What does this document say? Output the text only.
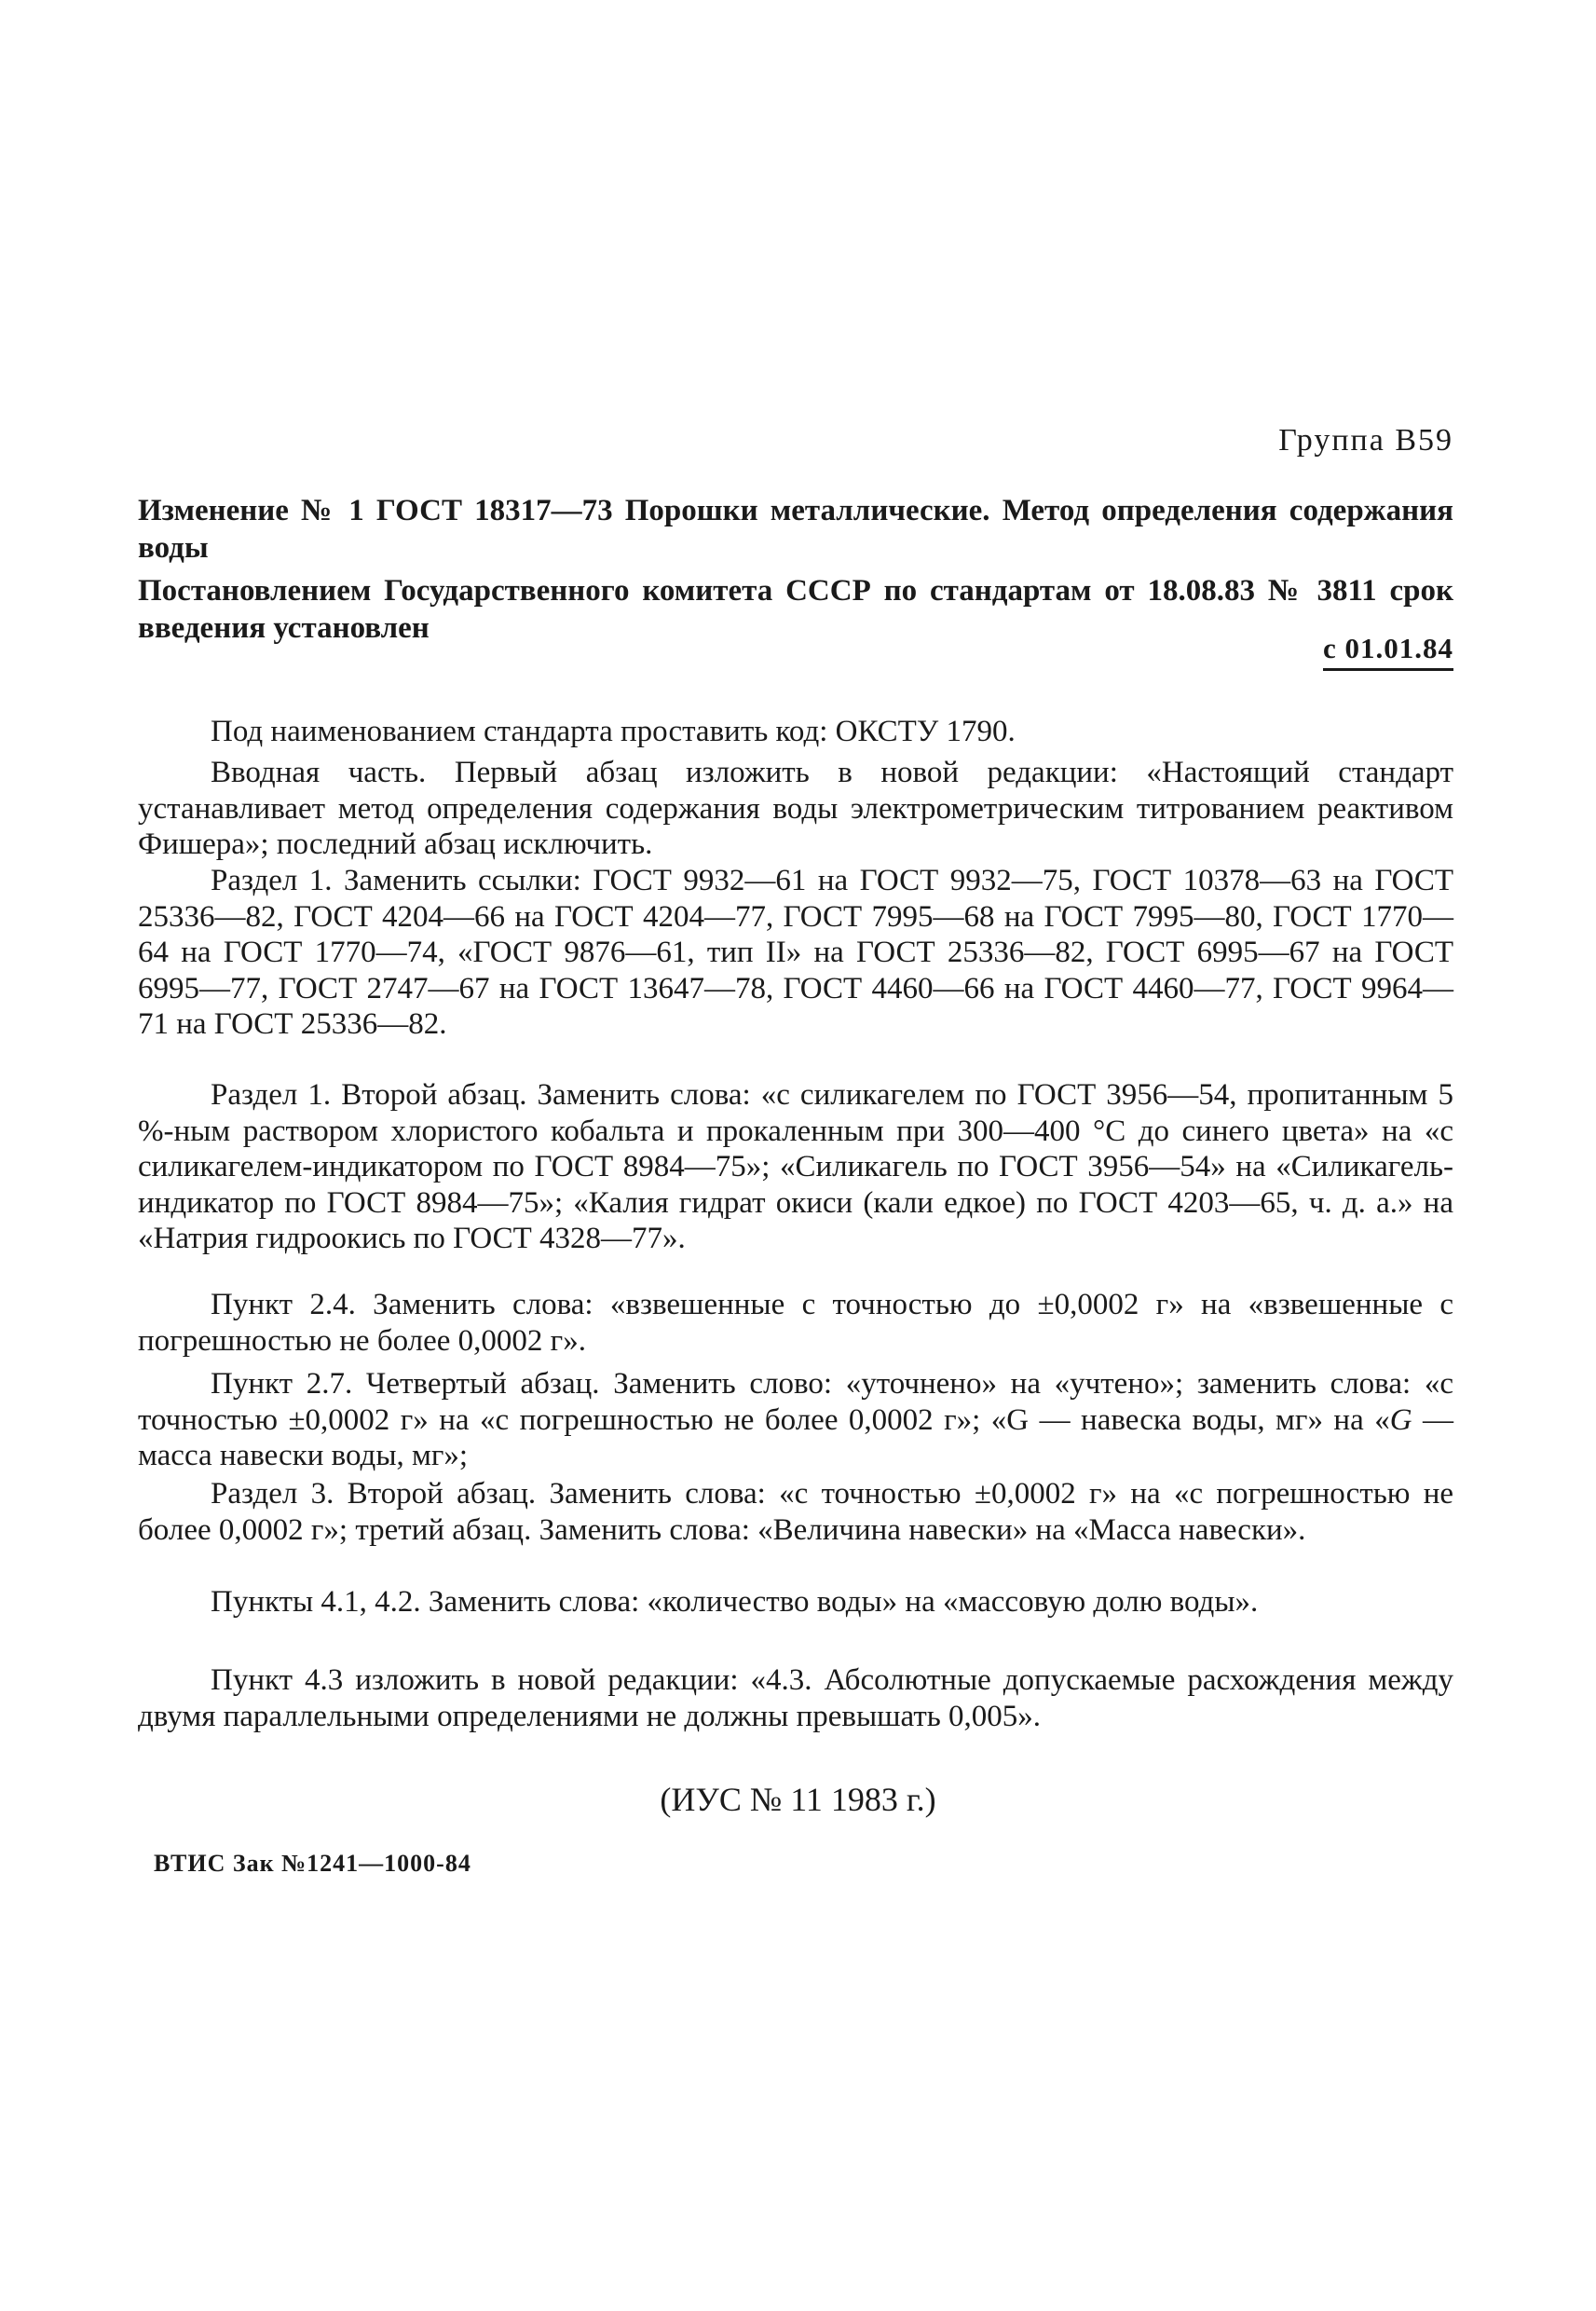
Группа В59

Изменение № 1 ГОСТ 18317—73 Порошки металлические. Метод определения содержания воды

Постановлением Государственного комитета СССР по стандартам от 18.08.83 № 3811 срок введения установлен

с 01.01.84

Под наименованием стандарта проставить код: ОКСТУ 1790.

Вводная часть. Первый абзац изложить в новой редакции: «Настоящий стандарт устанавливает метод определения содержания воды электрометрическим титрованием реактивом Фишера»; последний абзац исключить.

Раздел 1. Заменить ссылки: ГОСТ 9932—61 на ГОСТ 9932—75, ГОСТ 10378—63 на ГОСТ 25336—82, ГОСТ 4204—66 на ГОСТ 4204—77, ГОСТ 7995—68 на ГОСТ 7995—80, ГОСТ 1770—64 на ГОСТ 1770—74, «ГОСТ 9876—61, тип II» на ГОСТ 25336—82, ГОСТ 6995—67 на ГОСТ 6995—77, ГОСТ 2747—67 на ГОСТ 13647—78, ГОСТ 4460—66 на ГОСТ 4460—77, ГОСТ 9964—71 на ГОСТ 25336—82.

Раздел 1. Второй абзац. Заменить слова: «с силикагелем по ГОСТ 3956—54, пропитанным 5 %-ным раствором хлористого кобальта и прокаленным при 300—400 °С до синего цвета» на «с силикагелем-индикатором по ГОСТ 8984—75»; «Силикагель по ГОСТ 3956—54» на «Силикагель-индикатор по ГОСТ 8984—75»; «Калия гидрат окиси (кали едкое) по ГОСТ 4203—65, ч. д. а.» на «Натрия гидроокись по ГОСТ 4328—77».

Пункт 2.4. Заменить слова: «взвешенные с точностью до ±0,0002 г» на «взвешенные с погрешностью не более 0,0002 г».

Пункт 2.7. Четвертый абзац. Заменить слово: «уточнено» на «учтено»; заменить слова: «с точностью ±0,0002 г» на «с погрешностью не более 0,0002 г»; «G — навеска воды, мг» на «G — масса навески воды, мг»;

Раздел 3. Второй абзац. Заменить слова: «с точностью ±0,0002 г» на «с погрешностью не более 0,0002 г»; третий абзац. Заменить слова: «Величина навески» на «Масса навески».

Пункты 4.1, 4.2. Заменить слова: «количество воды» на «массовую долю воды».

Пункт 4.3 изложить в новой редакции: «4.3. Абсолютные допускаемые расхождения между двумя параллельными определениями не должны превышать 0,005».

(ИУС № 11 1983 г.)
ВТИС Зак №1241—1000-84
